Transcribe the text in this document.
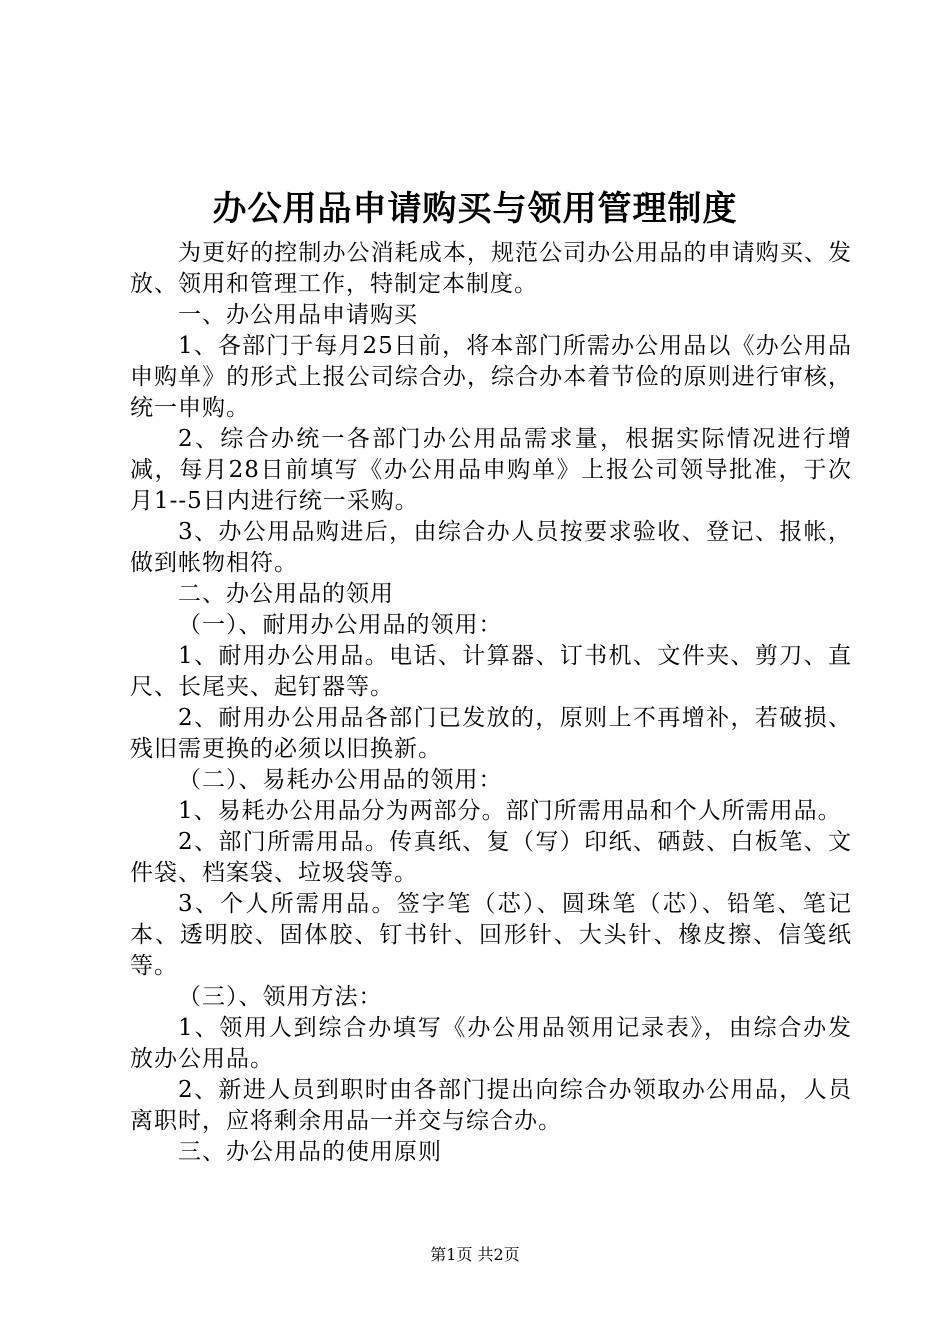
办公用品申请购买与领用管理制度

为更好的控制办公消耗成本，规范公司办公用品的申请购买、发放、领用和管理工作，特制定本制度。

一、办公用品申请购买

1、各部门于每月25日前，将本部门所需办公用品以《办公用品申购单》的形式上报公司综合办，综合办本着节俭的原则进行审核，统一申购。

2、综合办统一各部门办公用品需求量，根据实际情况进行增减，每月28日前填写《办公用品申购单》上报公司领导批准，于次月1--5日内进行统一采购。

3、办公用品购进后，由综合办人员按要求验收、登记、报帐，做到帐物相符。

二、办公用品的领用

（一）、耐用办公用品的领用：

1、耐用办公用品。电话、计算器、订书机、文件夹、剪刀、直尺、长尾夹、起钉器等。

2、耐用办公用品各部门已发放的，原则上不再增补，若破损、残旧需更换的必须以旧换新。

（二）、易耗办公用品的领用：

1、易耗办公用品分为两部分。部门所需用品和个人所需用品。

2、部门所需用品。传真纸、复（写）印纸、硒鼓、白板笔、文件袋、档案袋、垃圾袋等。

3、个人所需用品。签字笔（芯）、圆珠笔（芯）、铅笔、笔记本、透明胶、固体胶、钉书针、回形针、大头针、橡皮擦、信笺纸等。

（三）、领用方法：

1、领用人到综合办填写《办公用品领用记录表》，由综合办发放办公用品。

2、新进人员到职时由各部门提出向综合办领取办公用品，人员离职时，应将剩余用品一并交与综合办。

三、办公用品的使用原则

第1页 共2页
